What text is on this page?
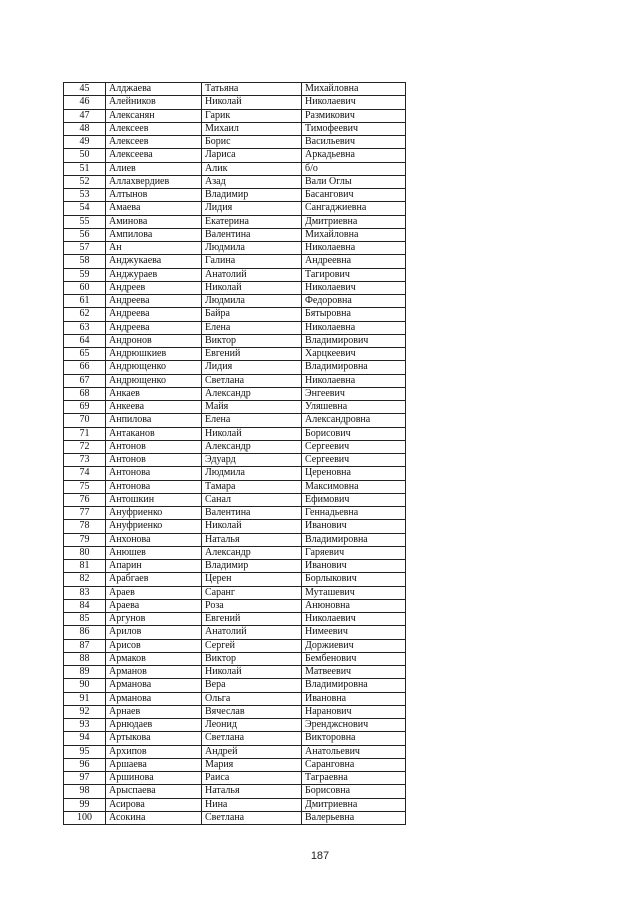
45	Алджаева	Татьяна	Михайловна
46	Алейников	Николай	Николаевич
47	Алексанян	Гарик	Размикович
48	Алексеев	Михаил	Тимофеевич
49	Алексеев	Борис	Васильевич
50	Алексеева	Лариса	Аркадьевна
51	Алиев	Алик	б/о
52	Аллахвердиев	Азад	Вали Оглы
53	Алтынов	Владимир	Басангович
54	Амаева	Лидия	Сангаджиевна
55	Аминова	Екатерина	Дмитриевна
56	Ампилова	Валентина	Михайловна
57	Ан	Людмила	Николаевна
58	Анджукаева	Галина	Андреевна
59	Анджураев	Анатолий	Тагирович
60	Андреев	Николай	Николаевич
61	Андреева	Людмила	Федоровна
62	Андреева	Байра	Бятыровна
63	Андреева	Елена	Николаевна
64	Андронов	Виктор	Владимирович
65	Андрюшкиев	Евгений	Харцкеевич
66	Андрющенко	Лидия	Владимировна
67	Андрющенко	Светлана	Николаевна
68	Анкаев	Александр	Энгеевич
69	Анкеева	Майя	Уляшевна
70	Анпилова	Елена	Александровна
71	Антаканов	Николай	Борисович
72	Антонов	Александр	Сергеевич
73	Антонов	Эдуард	Сергеевич
74	Антонова	Людмила	Цереновна
75	Антонова	Тамара	Максимовна
76	Антошкин	Санал	Ефимович
77	Ануфриенко	Валентина	Геннадьевна
78	Ануфриенко	Николай	Иванович
79	Анхонова	Наталья	Владимировна
80	Анюшев	Александр	Гаряевич
81	Апарин	Владимир	Иванович
82	Арабгаев	Церен	Борлыкович
83	Араев	Саранг	Муташевич
84	Араева	Роза	Анюновна
85	Аргунов	Евгений	Николаевич
86	Арилов	Анатолий	Нимеевич
87	Арисов	Сергей	Доржиевич
88	Армаков	Виктор	Бембенович
89	Арманов	Николай	Матвеевич
90	Арманова	Вера	Владимировна
91	Арманова	Ольга	Ивановна
92	Арнаев	Вячеслав	Наранович
93	Арнюдаев	Леонид	Эренджснович
94	Артыкова	Светлана	Викторовна
95	Архипов	Андрей	Анатольевич
96	Аршаева	Мария	Саранговна
97	Аршинова	Раиса	Таграевна
98	Арыспаева	Наталья	Борисовна
99	Асирова	Нина	Дмитриевна
100	Асокина	Светлана	Валерьевна
187
